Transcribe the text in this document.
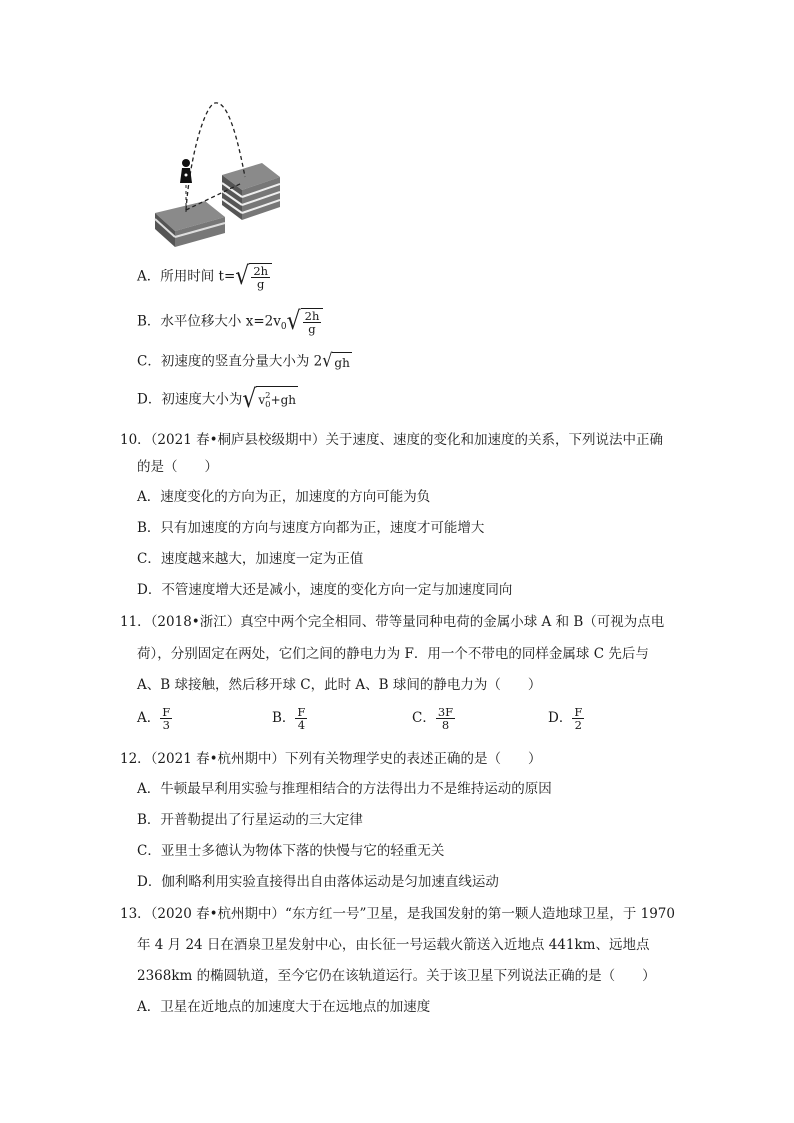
A．所用时间 t= √ $\frac{2h}{g}$
B．水平位移大小 $x=2v_0$ √ $\frac{2h}{g}$
C．初速度的竖直分量大小为 2 √ gh
D．初速度大小为 √ v 2
0 +gh
10．（2021 春•桐庐县校级期中）关于速度、速度的变化和加速度的关系，下列说法中正确
的是（　　）
A．速度变化的方向为正，加速度的方向可能为负
B．只有加速度的方向与速度方向都为正，速度才可能增大
C．速度越来越大，加速度一定为正值
D．不管速度增大还是减小，速度的变化方向一定与加速度同向
11．（2018•浙江）真空中两个完全相同、带等量同种电荷的金属小球 A 和 B（可视为点电
荷），分别固定在两处，它们之间的静电力为 F．用一个不带电的同样金属球 C 先后与
A、B 球接触，然后移开球 C，此时 A、B 球间的静电力为（　　）
A． $\frac{F}{3}$	B． $\frac{F}{4}$	C． $\frac{3F}{8}$	D． $\frac{F}{2}$
12．（2021 春•杭州期中）下列有关物理学史的表述正确的是（　　）
A．牛顿最早利用实验与推理相结合的方法得出力不是维持运动的原因
B．开普勒提出了行星运动的三大定律
C．亚里士多德认为物体下落的快慢与它的轻重无关
D．伽利略利用实验直接得出自由落体运动是匀加速直线运动
13．（2020 春•杭州期中）“东方红一号”卫星，是我国发射的第一颗人造地球卫星，于 1970
年 4 月 24 日在酒泉卫星发射中心，由长征一号运载火箭送入近地点 441km、远地点
2368km 的椭圆轨道，至今它仍在该轨道运行。关于该卫星下列说法正确的是（　　）
A．卫星在近地点的加速度大于在远地点的加速度
